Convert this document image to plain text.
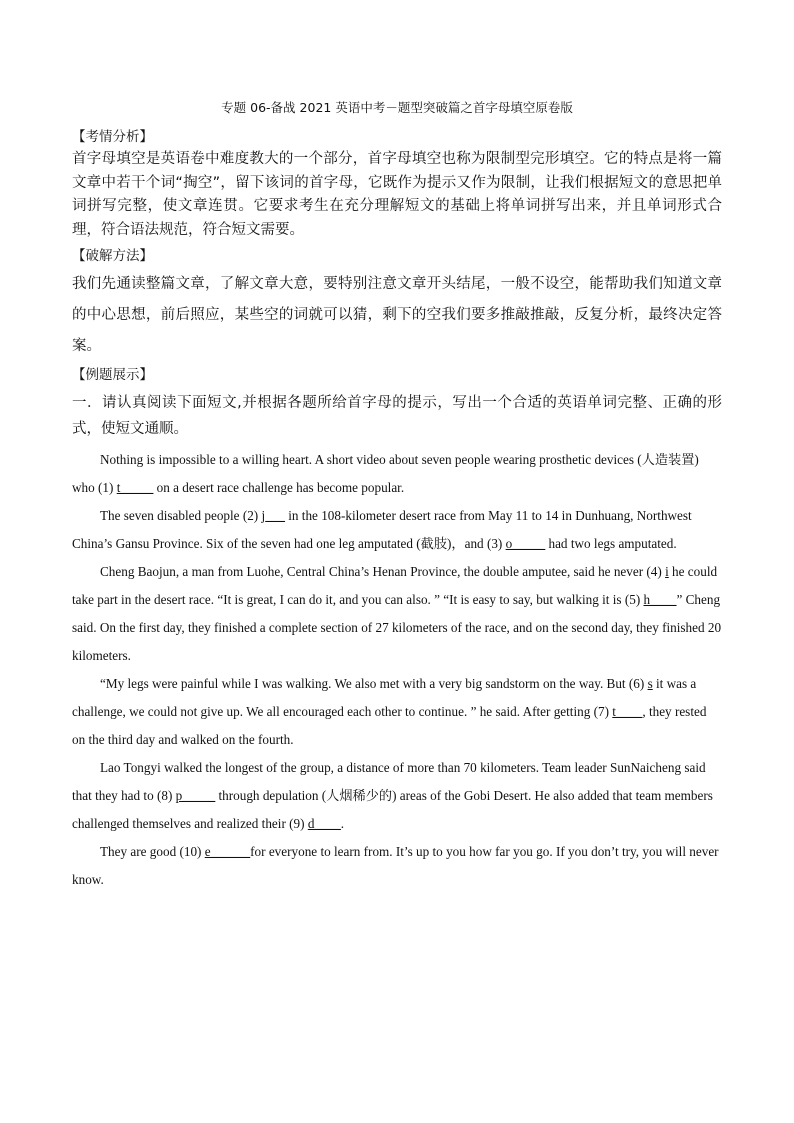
专题 06-备战 2021 英语中考－题型突破篇之首字母填空原卷版

【考情分析】

首字母填空是英语卷中难度教大的一个部分，首字母填空也称为限制型完形填空。它的特点是将一篇文章中若干个词“掏空”，留下该词的首字母，它既作为提示又作为限制，让我们根据短文的意思把单词拼写完整，使文章连贯。它要求考生在充分理解短文的基础上将单词拼写出来，并且单词形式合理，符合语法规范，符合短文需要。

【破解方法】

我们先通读整篇文章，了解文章大意，要特别注意文章开头结尾，一般不设空，能帮助我们知道文章的中心思想，前后照应，某些空的词就可以猜，剩下的空我们要多推敲推敲，反复分析，最终决定答案。

【例题展示】

一．请认真阅读下面短文,并根据各题所给首字母的提示，写出一个合适的英语单词完整、正确的形式，使短文通顺。

Nothing is impossible to a willing heart. A short video about seven people wearing prosthetic devices (人造装置) who (1) t_____ on a desert race challenge has become popular.

The seven disabled people (2) j___ in the 108-kilometer desert race from May 11 to 14 in Dunhuang, Northwest China’s Gansu Province. Six of the seven had one leg amputated (截肢)，and (3) o_____ had two legs amputated.

Cheng Baojun, a man from Luohe, Central China’s Henan Province, the double amputee, said he never (4) i he could take part in the desert race. “It is great, I can do it, and you can also. ” “It is easy to say, but walking it is (5) h____” Cheng said. On the first day, they finished a complete section of 27 kilometers of the race, and on the second day, they finished 20 kilometers.

“My legs were painful while I was walking. We also met with a very big sandstorm on the way. But (6) s it was a challenge, we could not give up. We all encouraged each other to continue. ” he said. After getting (7) t____, they rested on the third day and walked on the fourth.

Lao Tongyi walked the longest of the group, a distance of more than 70 kilometers. Team leader SunNaicheng said that they had to (8) p_____ through depulation (人烟稀少的) areas of the Gobi Desert. He also added that team members challenged themselves and realized their (9) d____.

They are good (10) e______for everyone to learn from. It’s up to you how far you go. If you don’t try, you will never know.
